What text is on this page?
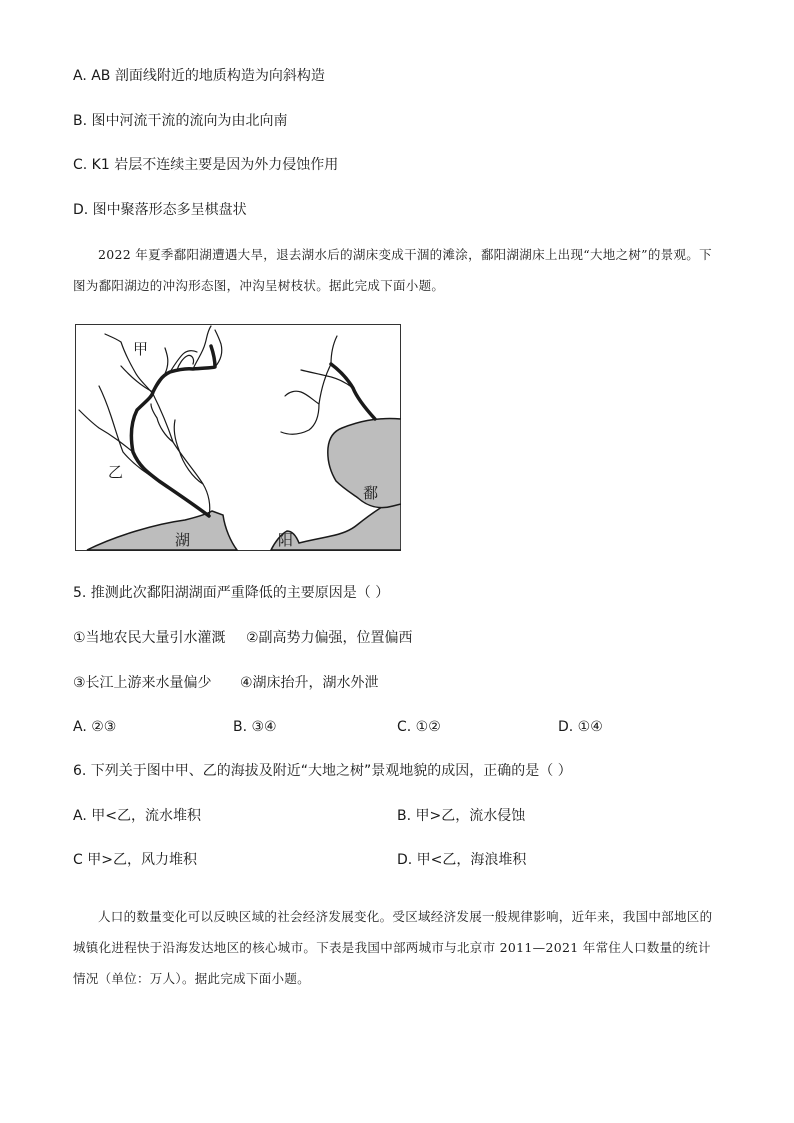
A. AB 剖面线附近的地质构造为向斜构造
B. 图中河流干流的流向为由北向南
C. K1 岩层不连续主要是因为外力侵蚀作用
D. 图中聚落形态多呈棋盘状
2022 年夏季鄱阳湖遭遇大旱，退去湖水后的湖床变成干涸的滩涂，鄱阳湖湖床上出现“大地之树”的景观。下图为鄱阳湖边的冲沟形态图，冲沟呈树枝状。据此完成下面小题。
甲
乙
鄱
湖	阳
5. 推测此次鄱阳湖湖面严重降低的主要原因是（ ）
①当地农民大量引水灌溉 ②副高势力偏强，位置偏西
③长江上游来水量偏少 ④湖床抬升，湖水外泄
A. ②③	B. ③④	C. ①②	D. ①④
6. 下列关于图中甲、乙的海拔及附近“大地之树”景观地貌的成因，正确的是（ ）
A. 甲<乙，流水堆积	B. 甲>乙，流水侵蚀
C 甲>乙，风力堆积	D. 甲<乙，海浪堆积
人口的数量变化可以反映区域的社会经济发展变化。受区域经济发展一般规律影响，近年来，我国中部地区的城镇化进程快于沿海发达地区的核心城市。下表是我国中部两城市与北京市 2011—2021 年常住人口数量的统计情况（单位：万人）。据此完成下面小题。
